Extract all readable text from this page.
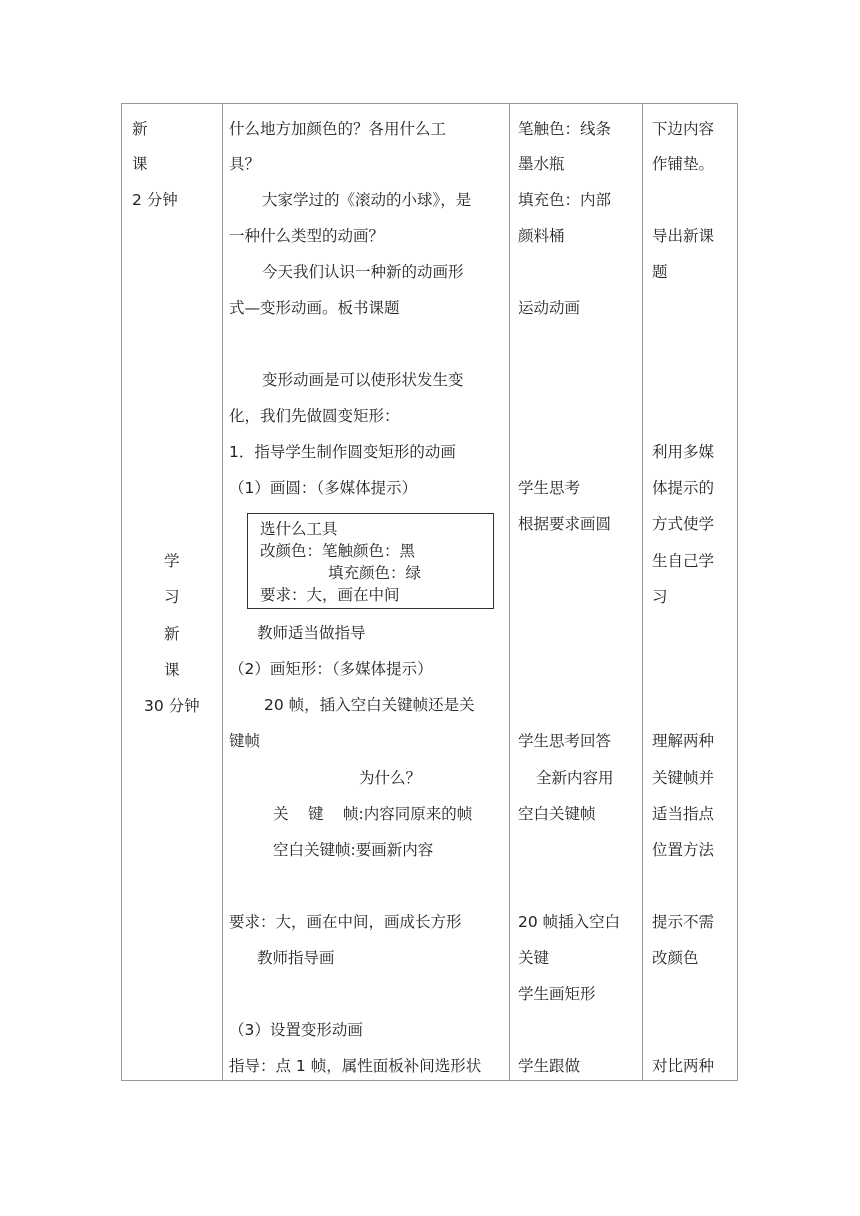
新
课
2 分钟
学
习
新
课
30 分钟
什么地方加颜色的？各用什么工
具？
大家学过的《滚动的小球》，是
一种什么类型的动画？
今天我们认识一种新的动画形
式—变形动画。板书课题
变形动画是可以使形状发生变
化，我们先做圆变矩形：
1．指导学生制作圆变矩形的动画
（1）画圆：（多媒体提示）
选什么工具
改颜色：笔触颜色：黑
填充颜色：绿
要求：大，画在中间
教师适当做指导
（2）画矩形：（多媒体提示）
20 帧，插入空白关键帧还是关
键帧
为什么？
关 键 帧:内容同原来的帧
空白关键帧:要画新内容
要求：大，画在中间，画成长方形
教师指导画
（3）设置变形动画
指导：点 1 帧，属性面板补间选形状
笔触色：线条
墨水瓶
填充色：内部
颜料桶
运动动画
学生思考
根据要求画圆
学生思考回答
全新内容用
空白关键帧
20 帧插入空白
关键
学生画矩形
学生跟做
下边内容
作铺垫。
导出新课
题
利用多媒
体提示的
方式使学
生自己学
习
理解两种
关键帧并
适当指点
位置方法
提示不需
改颜色
对比两种
